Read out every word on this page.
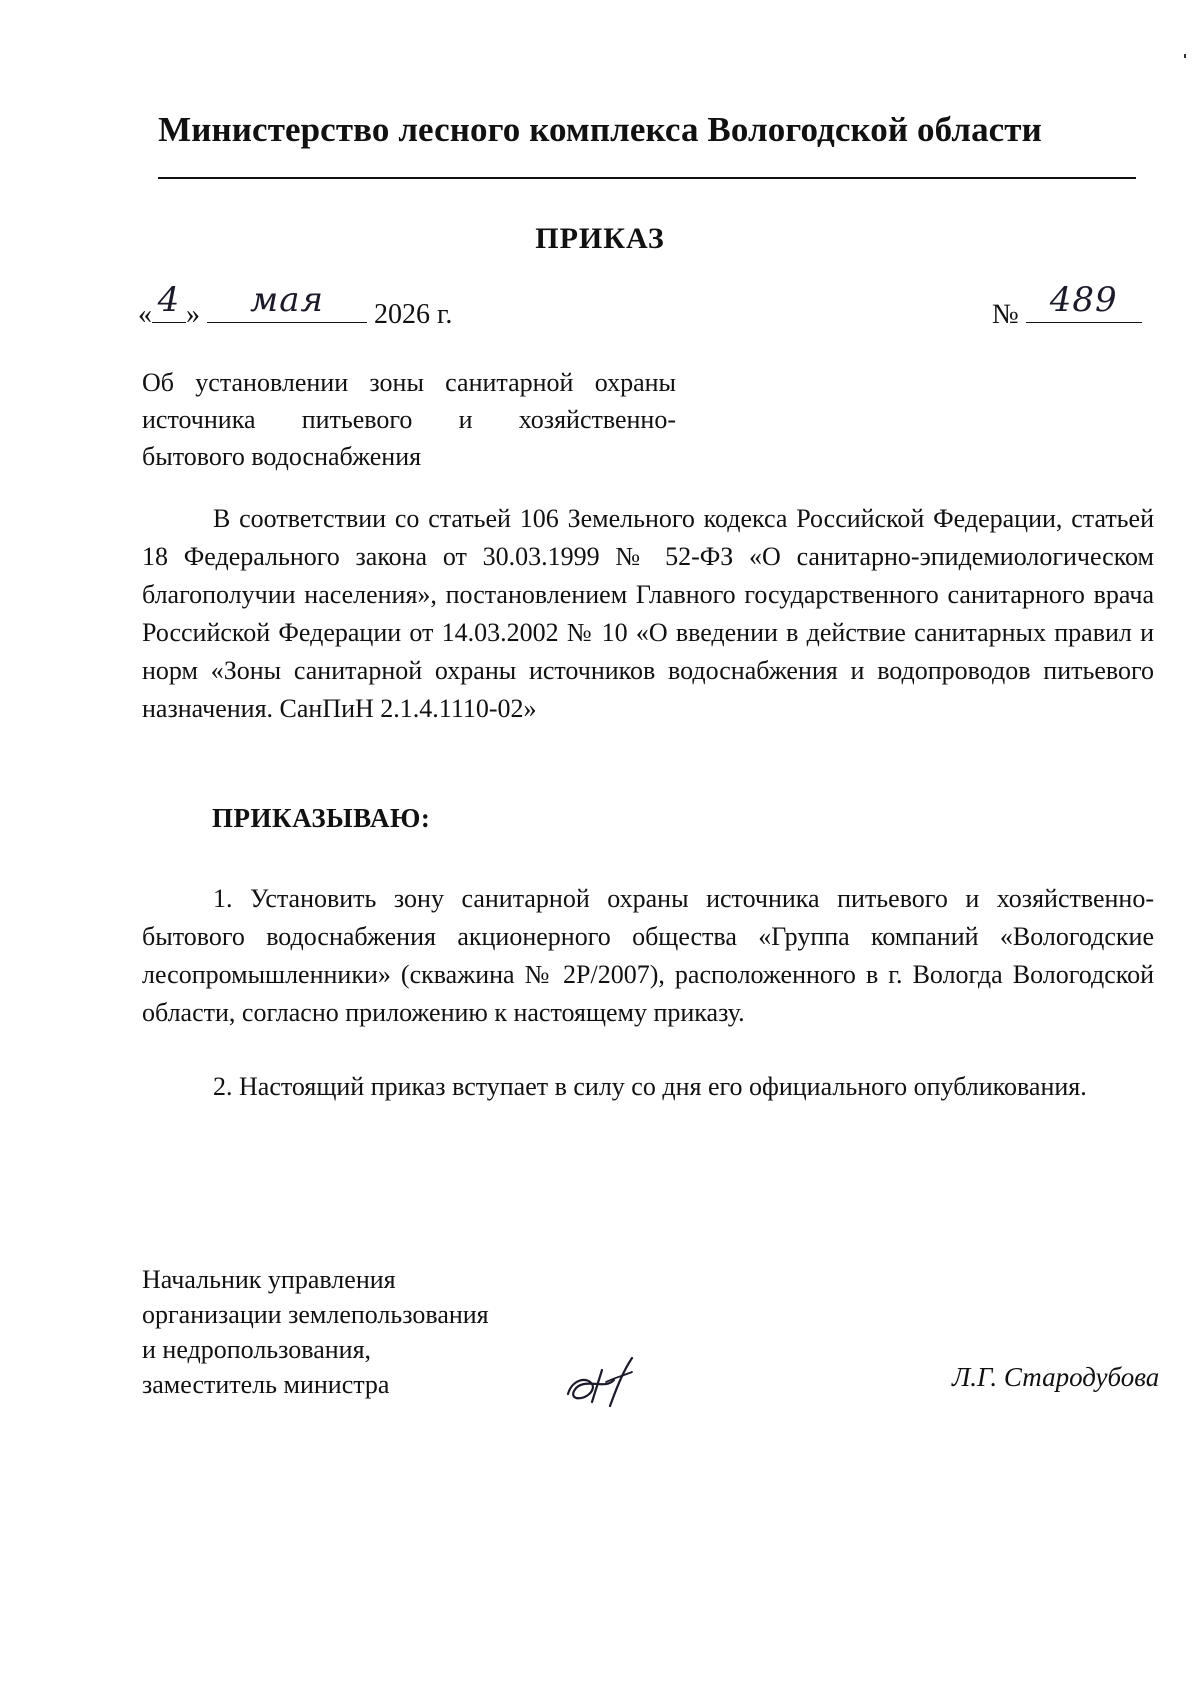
Министерство лесного комплекса Вологодской области
ПРИКАЗ
« 4 »	мая	2026 г.	№ 489
Об установлении зоны санитарной охраны
источника питьевого и хозяйственно-
бытового водоснабжения
В соответствии со статьей 106 Земельного кодекса Российской Федерации, статьей 18 Федерального закона от 30.03.1999 № 52-ФЗ «О санитарно-эпидемиологическом благополучии населения», постановлением Главного государственного санитарного врача Российской Федерации от 14.03.2002 № 10 «О введении в действие санитарных правил и норм «Зоны санитарной охраны источников водоснабжения и водопроводов питьевого назначения. СанПиН 2.1.4.1110-02»
ПРИКАЗЫВАЮ:
1. Установить зону санитарной охраны источника питьевого и хозяйственно-бытового водоснабжения акционерного общества «Группа компаний «Вологодские лесопромышленники» (скважина № 2Р/2007), расположенного в г. Вологда Вологодской области, согласно приложению к настоящему приказу.
2. Настоящий приказ вступает в силу со дня его официального опубликования.
Начальник управления
организации землепользования
и недропользования,
заместитель министра	Л.Г. Стародубова
